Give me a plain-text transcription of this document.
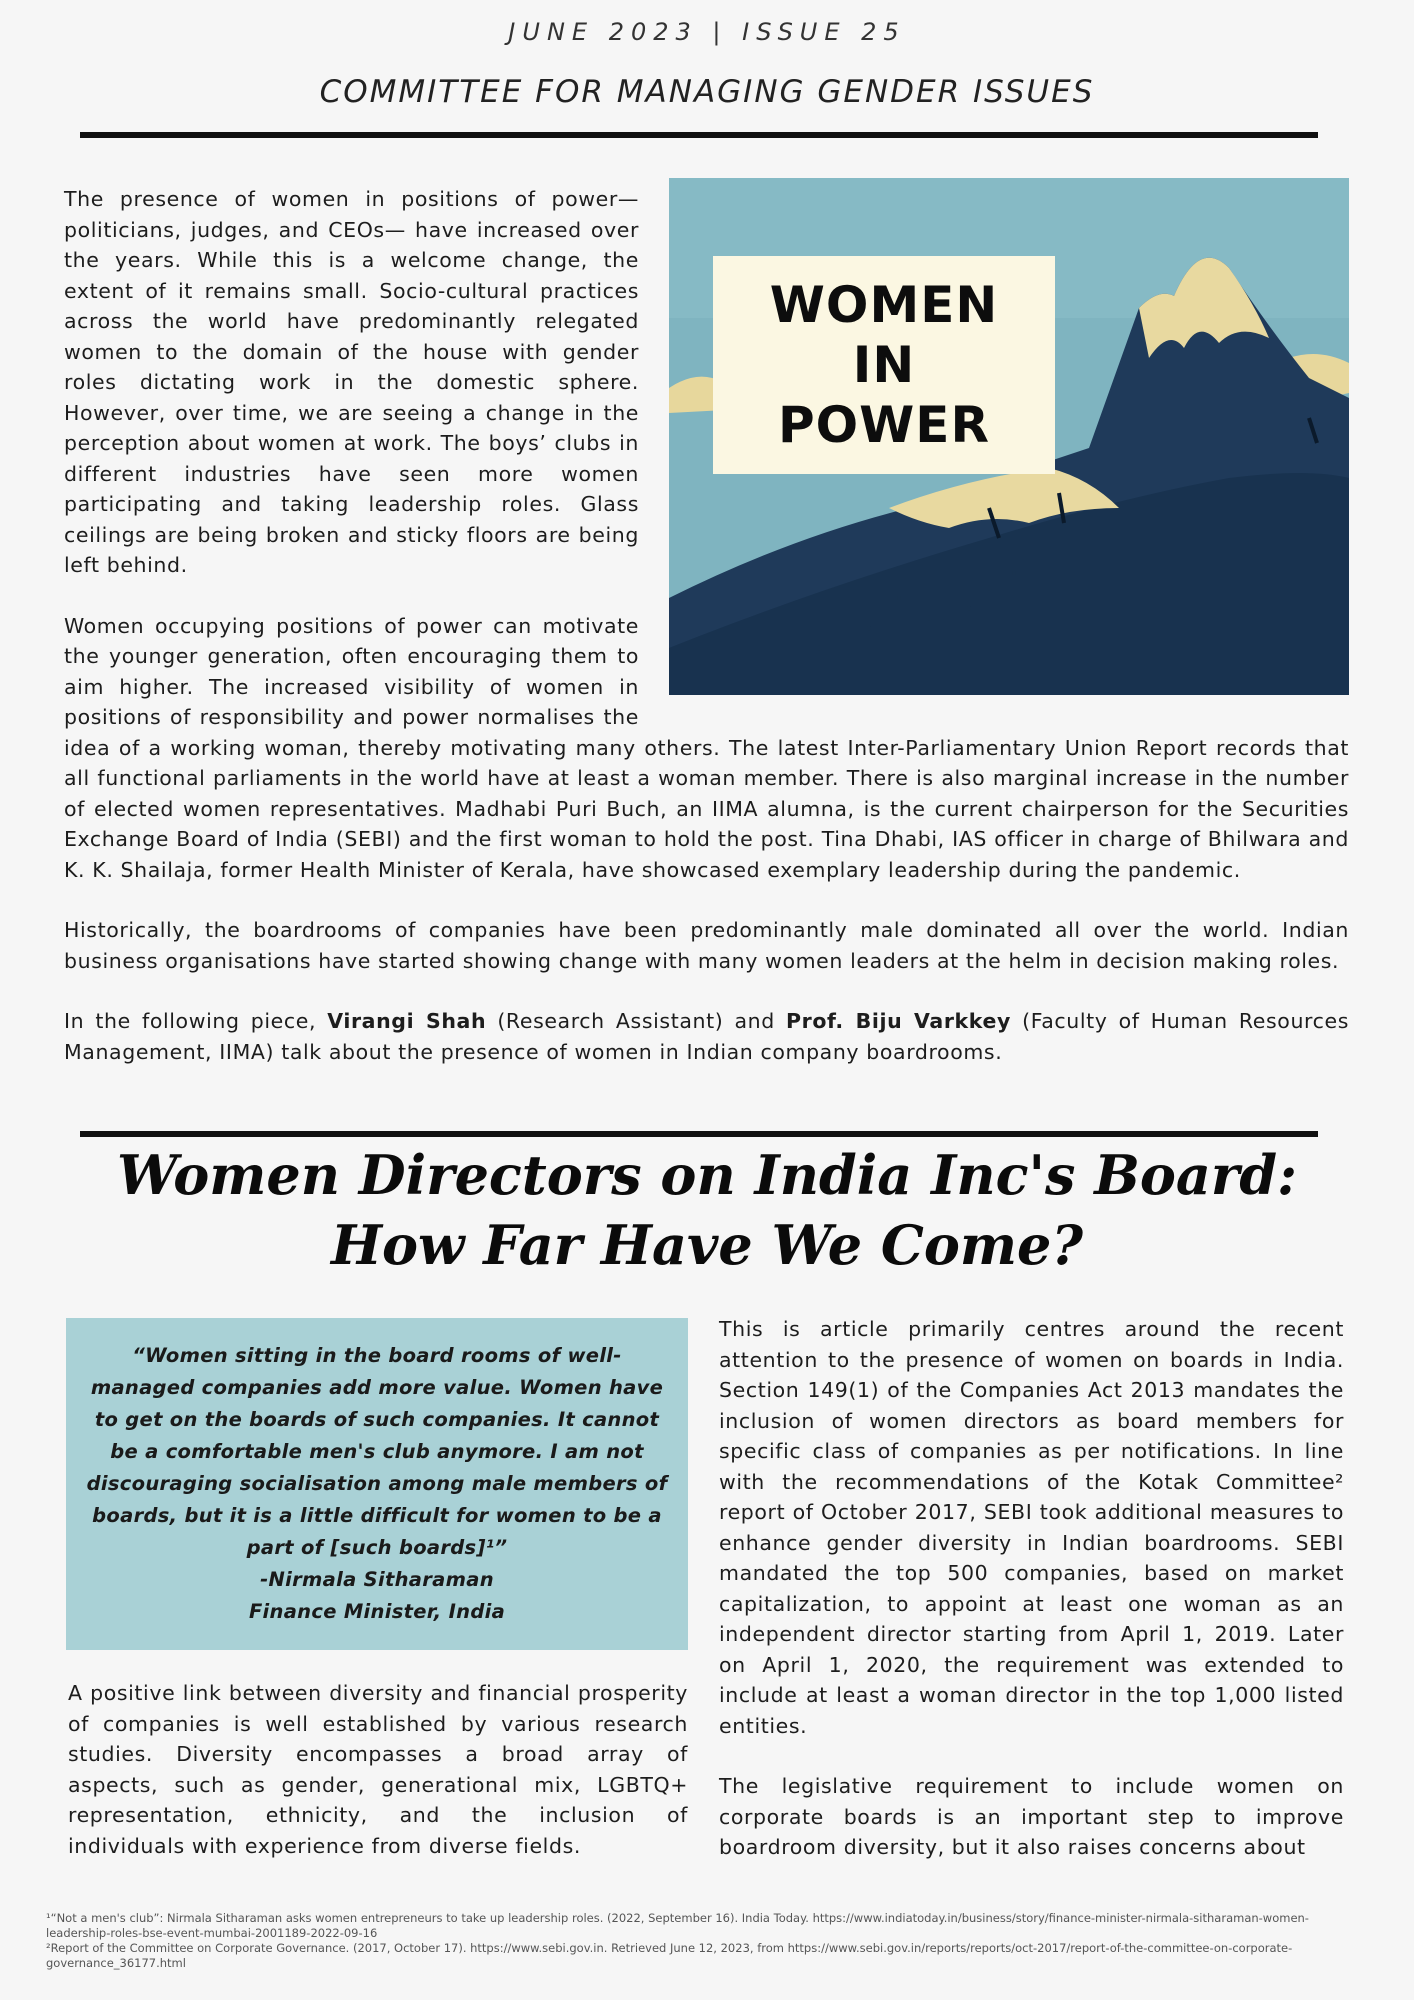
JUNE 2023 | ISSUE 25
COMMITTEE FOR MANAGING GENDER ISSUES
WOMEN
IN
POWER

The presence of women in positions of power—politicians, judges, and CEOs— have increased over the years. While this is a welcome change, the extent of it remains small. Socio-cultural practices across the world have predominantly relegated women to the domain of the house with gender roles dictating work in the domestic sphere. However, over time, we are seeing a change in the perception about women at work. The boys’ clubs in different industries have seen more women participating and taking leadership roles. Glass ceilings are being broken and sticky floors are being left behind.

Women occupying positions of power can motivate the younger generation, often encouraging them to aim higher. The increased visibility of women in positions of responsibility and power normalises the idea of a working woman, thereby motivating many others. The latest Inter-Parliamentary Union Report records that all functional parliaments in the world have at least a woman member. There is also marginal increase in the number of elected women representatives. Madhabi Puri Buch, an IIMA alumna, is the current chairperson for the Securities Exchange Board of India (SEBI) and the first woman to hold the post. Tina Dhabi, IAS officer in charge of Bhilwara and K. K. Shailaja, former Health Minister of Kerala, have showcased exemplary leadership during the pandemic.

Historically, the boardrooms of companies have been predominantly male dominated all over the world. Indian business organisations have started showing change with many women leaders at the helm in decision making roles.

In the following piece, Virangi Shah (Research Assistant) and Prof. Biju Varkkey (Faculty of Human Resources Management, IIMA) talk about the presence of women in Indian company boardrooms.

Women Directors on India Inc's Board:
How Far Have We Come?
“Women sitting in the board rooms of well-managed companies add more value. Women have to get on the boards of such companies. It cannot be a comfortable men's club anymore. I am not discouraging socialisation among male members of boards, but it is a little difficult for women to be a part of [such boards]¹”
-Nirmala Sitharaman
Finance Minister, India

A positive link between diversity and financial prosperity of companies is well established by various research studies. Diversity encompasses a broad array of aspects, such as gender, generational mix, LGBTQ+ representation, ethnicity, and the inclusion of individuals with experience from diverse fields.

This is article primarily centres around the recent attention to the presence of women on boards in India. Section 149(1) of the Companies Act 2013 mandates the inclusion of women directors as board members for specific class of companies as per notifications. In line with the recommendations of the Kotak Committee² report of October 2017, SEBI took additional measures to enhance gender diversity in Indian boardrooms. SEBI mandated the top 500 companies, based on market capitalization, to appoint at least one woman as an independent director starting from April 1, 2019. Later on April 1, 2020, the requirement was extended to include at least a woman director in the top 1,000 listed entities.

The legislative requirement to include women on corporate boards is an important step to improve boardroom diversity, but it also raises concerns about

¹“Not a men's club”: Nirmala Sitharaman asks women entrepreneurs to take up leadership roles. (2022, September 16). India Today. https://www.indiatoday.in/business/story/finance-minister-nirmala-sitharaman-women-leadership-roles-bse-event-mumbai-2001189-2022-09-16

²Report of the Committee on Corporate Governance. (2017, October 17). https://www.sebi.gov.in. Retrieved June 12, 2023, from https://www.sebi.gov.in/reports/reports/oct-2017/report-of-the-committee-on-corporate-governance_36177.html
